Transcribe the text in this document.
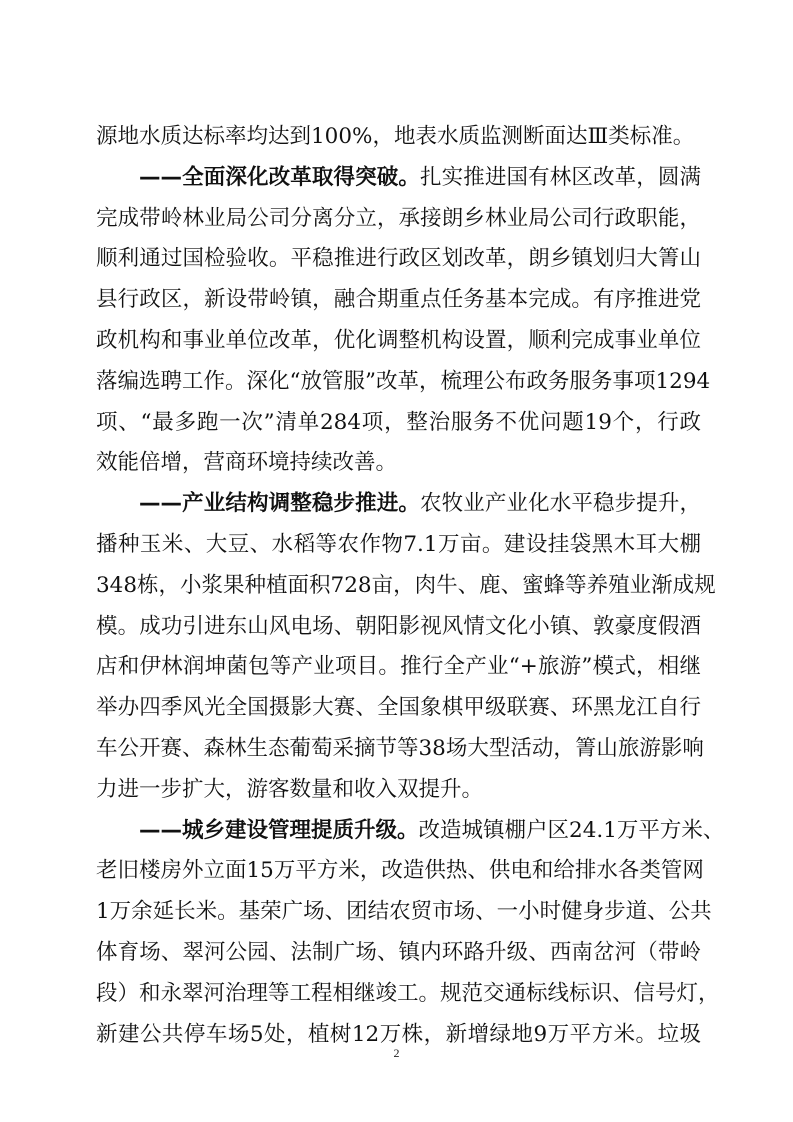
源地水质达标率均达到100%，地表水质监测断面达Ⅲ类标准。
——全面深化改革取得突破。扎实推进国有林区改革，圆满
完成带岭林业局公司分离分立，承接朗乡林业局公司行政职能，
顺利通过国检验收。平稳推进行政区划改革，朗乡镇划归大箐山
县行政区，新设带岭镇，融合期重点任务基本完成。有序推进党
政机构和事业单位改革，优化调整机构设置，顺利完成事业单位
落编选聘工作。深化“放管服”改革，梳理公布政务服务事项1294
项、“最多跑一次”清单284项，整治服务不优问题19个，行政
效能倍增，营商环境持续改善。
——产业结构调整稳步推进。农牧业产业化水平稳步提升，
播种玉米、大豆、水稻等农作物7.1万亩。建设挂袋黑木耳大棚
348栋，小浆果种植面积728亩，肉牛、鹿、蜜蜂等养殖业渐成规
模。成功引进东山风电场、朝阳影视风情文化小镇、敦豪度假酒
店和伊林润坤菌包等产业项目。推行全产业“+旅游”模式，相继
举办四季风光全国摄影大赛、全国象棋甲级联赛、环黑龙江自行
车公开赛、森林生态葡萄采摘节等38场大型活动，箐山旅游影响
力进一步扩大，游客数量和收入双提升。
——城乡建设管理提质升级。改造城镇棚户区24.1万平方米、
老旧楼房外立面15万平方米，改造供热、供电和给排水各类管网
1万余延长米。基荣广场、团结农贸市场、一小时健身步道、公共
体育场、翠河公园、法制广场、镇内环路升级、西南岔河（带岭
段）和永翠河治理等工程相继竣工。规范交通标线标识、信号灯，
新建公共停车场5处，植树12万株，新增绿地9万平方米。垃圾
2
